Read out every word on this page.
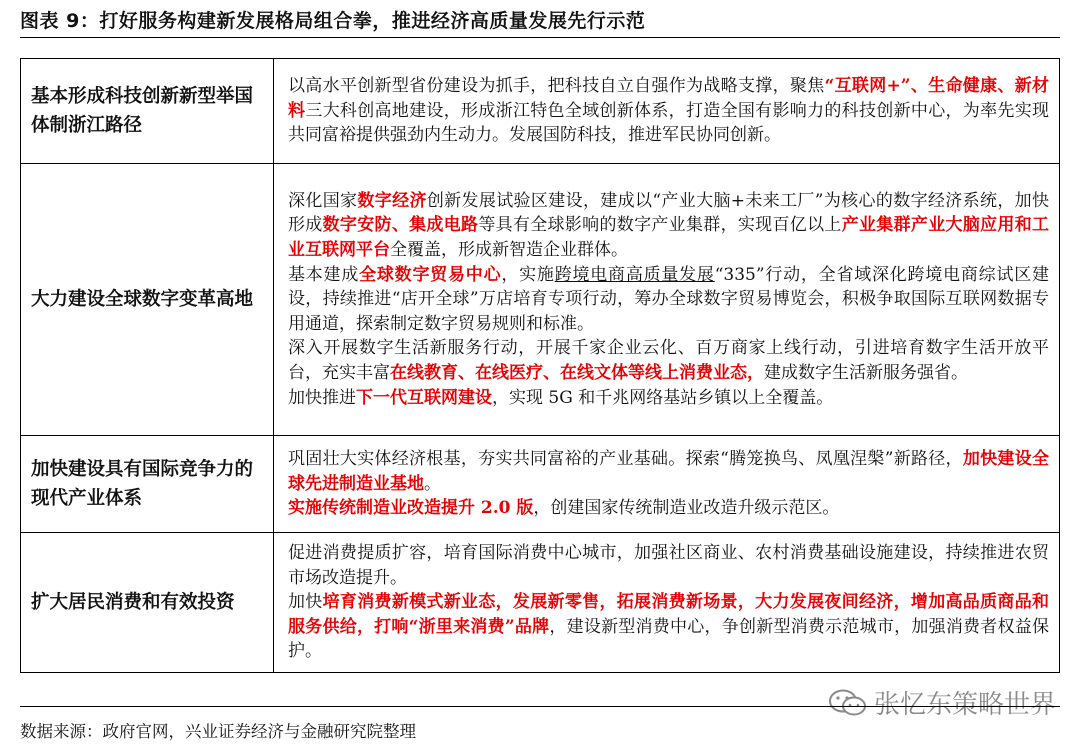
图表 9：打好服务构建新发展格局组合拳，推进经济高质量发展先行示范
基本形成科技创新新型举国体制浙江路径	以高水平创新型省份建设为抓手，把科技自立自强作为战略支撑，聚焦“互联网+”、生命健康、新材料三大科创高地建设，形成浙江特色全域创新体系，打造全国有影响力的科技创新中心，为率先实现共同富裕提供强劲内生动力。发展国防科技，推进军民协同创新。

大力建设全球数字变革高地	深化国家数字经济创新发展试验区建设，建成以“产业大脑+未来工厂”为核心的数字经济系统，加快形成数字安防、集成电路等具有全球影响的数字产业集群，实现百亿以上产业集群产业大脑应用和工业互联网平台全覆盖，形成新智造企业群体。
基本建成全球数字贸易中心，实施跨境电商高质量发展“335”行动，全省域深化跨境电商综试区建设，持续推进“店开全球”万店培育专项行动，筹办全球数字贸易博览会，积极争取国际互联网数据专用通道，探索制定数字贸易规则和标准。
深入开展数字生活新服务行动，开展千家企业云化、百万商家上线行动，引进培育数字生活开放平台，充实丰富在线教育、在线医疗、在线文体等线上消费业态，建成数字生活新服务强省。
加快推进下一代互联网建设，实现 5G 和千兆网络基站乡镇以上全覆盖。

加快建设具有国际竞争力的现代产业体系	巩固壮大实体经济根基，夯实共同富裕的产业基础。探索“腾笼换鸟、凤凰涅槃”新路径，加快建设全球先进制造业基地。
实施传统制造业改造提升 2.0 版，创建国家传统制造业改造升级示范区。

扩大居民消费和有效投资	促进消费提质扩容，培育国际消费中心城市，加强社区商业、农村消费基础设施建设，持续推进农贸市场改造提升。
加快培育消费新模式新业态，发展新零售，拓展消费新场景，大力发展夜间经济，增加高品质商品和服务供给，打响“浙里来消费”品牌，建设新型消费中心，争创新型消费示范城市，加强消费者权益保护。
张忆东策略世界
数据来源：政府官网，兴业证券经济与金融研究院整理
